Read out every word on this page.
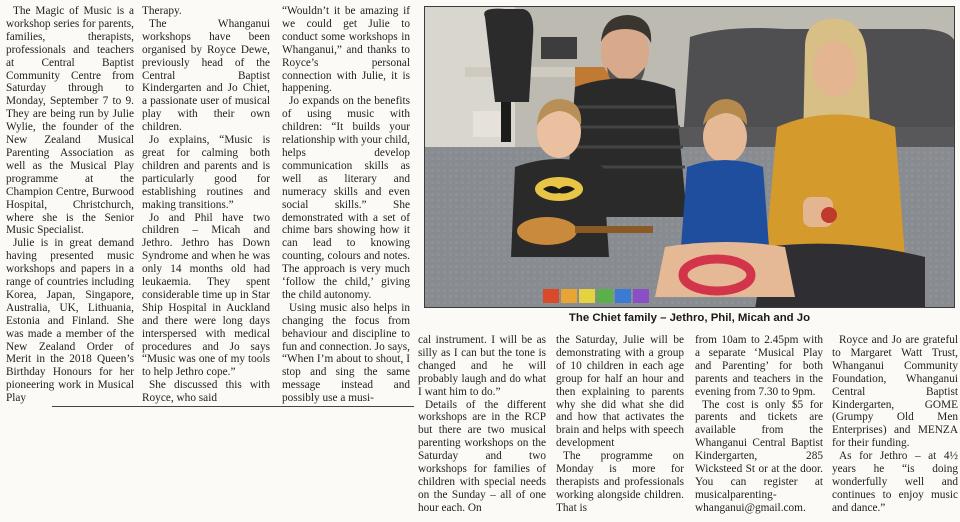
The Magic of Music is a workshop series for parents, families, therapists, professionals and teachers at Central Baptist Community Centre from Saturday through to Monday, September 7 to 9. They are being run by Julie Wylie, the founder of the New Zealand Musical Parenting Association as well as the Musical Play programme at the Champion Centre, Burwood Hospital, Christchurch, where she is the Senior Music Specialist.

Julie is in great demand having presented music workshops and papers in a range of countries including Korea, Japan, Singapore, Australia, UK, Lithuania, Estonia and Finland. She was made a member of the New Zealand Order of Merit in the 2018 Queen’s Birthday Honours for her pioneering work in Musical Play

Therapy.

The Whanganui workshops have been organised by Royce Dewe, previously head of the Central Baptist Kindergarten and Jo Chiet, a passionate user of musical play with their own children.

Jo explains, “Music is great for calming both children and parents and is particularly good for establishing routines and making transitions.”

Jo and Phil have two children – Micah and Jethro. Jethro has Down Syndrome and when he was only 14 months old had leukaemia. They spent considerable time up in Star Ship Hospital in Auckland and there were long days interspersed with medical procedures and Jo says “Music was one of my tools to help Jethro cope.”

She discussed this with Royce, who said

“Wouldn’t it be amazing if we could get Julie to conduct some workshops in Whanganui,” and thanks to Royce’s personal connection with Julie, it is happening.

Jo expands on the benefits of using music with children: “It builds your relationship with your child, helps develop communication skills as well as literary and numeracy skills and even social skills.” She demonstrated with a set of chime bars showing how it can lead to knowing counting, colours and notes. The approach is very much ‘follow the child,’ giving the child autonomy.

Using music also helps in changing the focus from behaviour and discipline to fun and connection. Jo says, “When I’m about to shout, I stop and sing the same message instead and possibly use a musi-

The Chiet family – Jethro, Phil, Micah and Jo

cal instrument. I will be as silly as I can but the tone is changed and he will probably laugh and do what I want him to do.”

Details of the different workshops are in the RCP but there are two musical parenting workshops on the Saturday and two workshops for families of children with special needs on the Sunday – all of one hour each. On

the Saturday, Julie will be demonstrating with a group of 10 children in each age group for half an hour and then explaining to parents why she did what she did and how that activates the brain and helps with speech development

The programme on Monday is more for therapists and professionals working alongside children. That is

from 10am to 2.45pm with a separate ‘Musical Play and Parenting’ for both parents and teachers in the evening from 7.30 to 9pm.

The cost is only $5 for parents and tickets are available from the Whanganui Central Baptist Kindergarten, 285 Wicksteed St or at the door. You can register at musicalparentingwhanganui@gmail.com.

Royce and Jo are grateful to Margaret Watt Trust, Whanganui Community Foundation, Whanganui Central Baptist Kindergarten, GOME (Grumpy Old Men Enterprises) and MENZA for their funding.

As for Jethro – at 4½ years he “is doing wonderfully well and continues to enjoy music and dance.”
